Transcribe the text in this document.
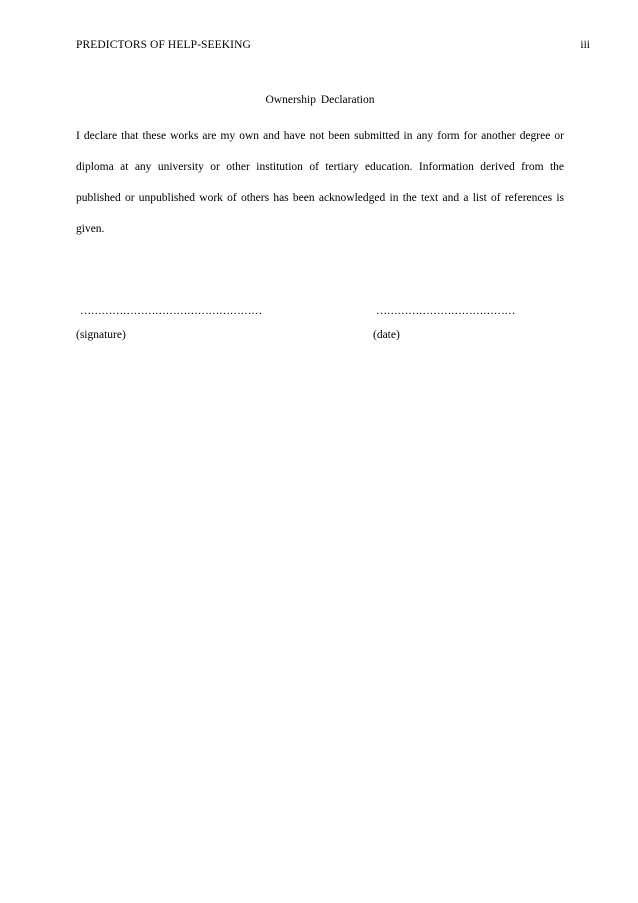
PREDICTORS OF HELP-SEEKING	iii
Ownership Declaration

I declare that these works are my own and have not been submitted in any form for another degree or diploma at any university or other institution of tertiary education. Information derived from the published or unpublished work of others has been acknowledged in the text and a list of references is given.

……………………………………………	…………………………………
(signature)	(date)
